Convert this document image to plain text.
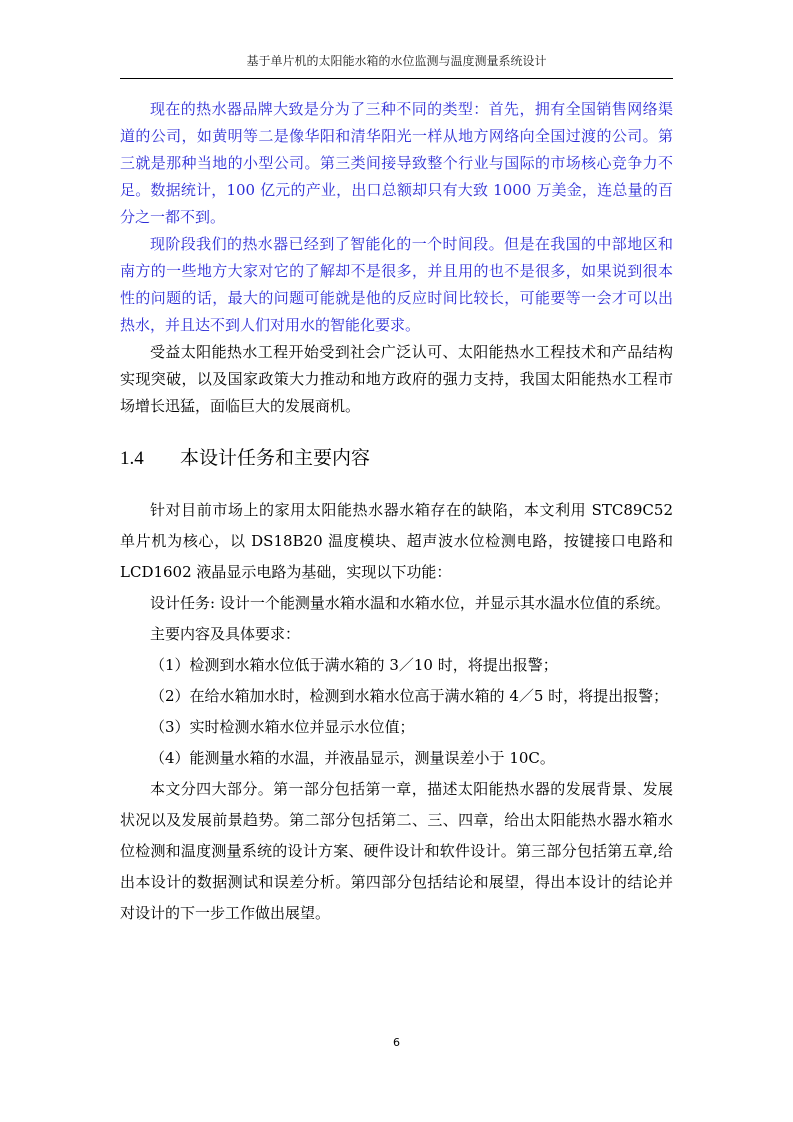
基于单片机的太阳能水箱的水位监测与温度测量系统设计

现在的热水器品牌大致是分为了三种不同的类型：首先，拥有全国销售网络渠道的公司，如黄明等二是像华阳和清华阳光一样从地方网络向全国过渡的公司。第三就是那种当地的小型公司。第三类间接导致整个行业与国际的市场核心竞争力不足。数据统计，100 亿元的产业，出口总额却只有大致 1000 万美金，连总量的百分之一都不到。

现阶段我们的热水器已经到了智能化的一个时间段。但是在我国的中部地区和南方的一些地方大家对它的了解却不是很多，并且用的也不是很多，如果说到很本性的问题的话，最大的问题可能就是他的反应时间比较长，可能要等一会才可以出热水，并且达不到人们对用水的智能化要求。

受益太阳能热水工程开始受到社会广泛认可、太阳能热水工程技术和产品结构实现突破，以及国家政策大力推动和地方政府的强力支持，我国太阳能热水工程市场增长迅猛，面临巨大的发展商机。

1.4 本设计任务和主要内容

针对目前市场上的家用太阳能热水器水箱存在的缺陷，本文利用 STC89C52 单片机为核心，以 DS18B20 温度模块、超声波水位检测电路，按键接口电路和 LCD1602 液晶显示电路为基础，实现以下功能：

设计任务: 设计一个能测量水箱水温和水箱水位，并显示其水温水位值的系统。

主要内容及具体要求：

（1）检测到水箱水位低于满水箱的 3／10 时，将提出报警；

（2）在给水箱加水时，检测到水箱水位高于满水箱的 4／5 时，将提出报警；

（3）实时检测水箱水位并显示水位值；

（4）能测量水箱的水温，并液晶显示，测量误差小于 10C。

本文分四大部分。第一部分包括第一章，描述太阳能热水器的发展背景、发展状况以及发展前景趋势。第二部分包括第二、三、四章，给出太阳能热水器水箱水位检测和温度测量系统的设计方案、硬件设计和软件设计。第三部分包括第五章,给出本设计的数据测试和误差分析。第四部分包括结论和展望，得出本设计的结论并对设计的下一步工作做出展望。

6
